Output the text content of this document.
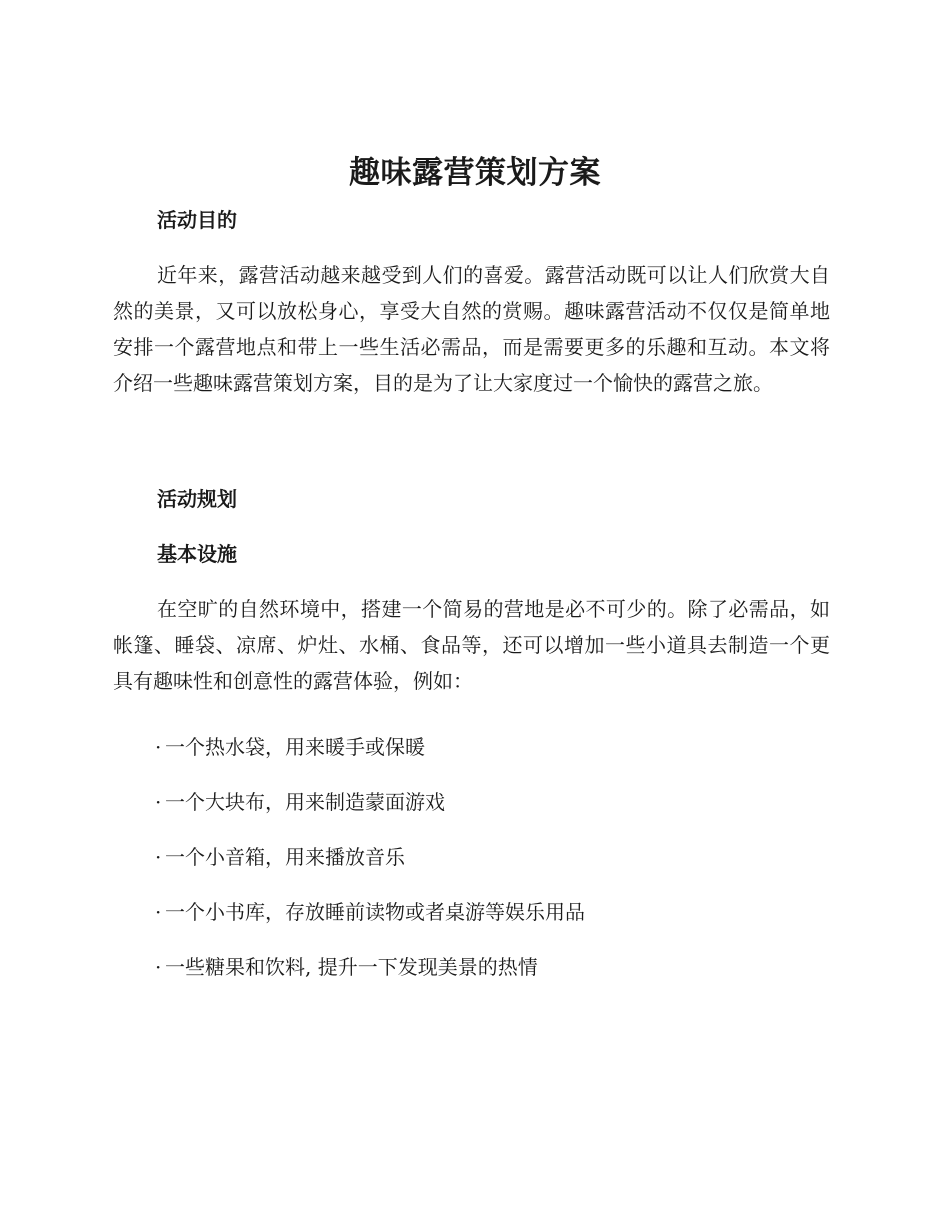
趣味露营策划方案
活动目的

近年来，露营活动越来越受到人们的喜爱。露营活动既可以让人们欣赏大自然的美景，又可以放松身心，享受大自然的赏赐。趣味露营活动不仅仅是简单地安排一个露营地点和带上一些生活必需品，而是需要更多的乐趣和互动。本文将介绍一些趣味露营策划方案，目的是为了让大家度过一个愉快的露营之旅。

活动规划
基本设施

在空旷的自然环境中，搭建一个简易的营地是必不可少的。除了必需品，如帐篷、睡袋、凉席、炉灶、水桶、食品等，还可以增加一些小道具去制造一个更具有趣味性和创意性的露营体验，例如：

· 一个热水袋，用来暖手或保暖

· 一个大块布，用来制造蒙面游戏

· 一个小音箱，用来播放音乐

· 一个小书库，存放睡前读物或者桌游等娱乐用品

· 一些糖果和饮料, 提升一下发现美景的热情
